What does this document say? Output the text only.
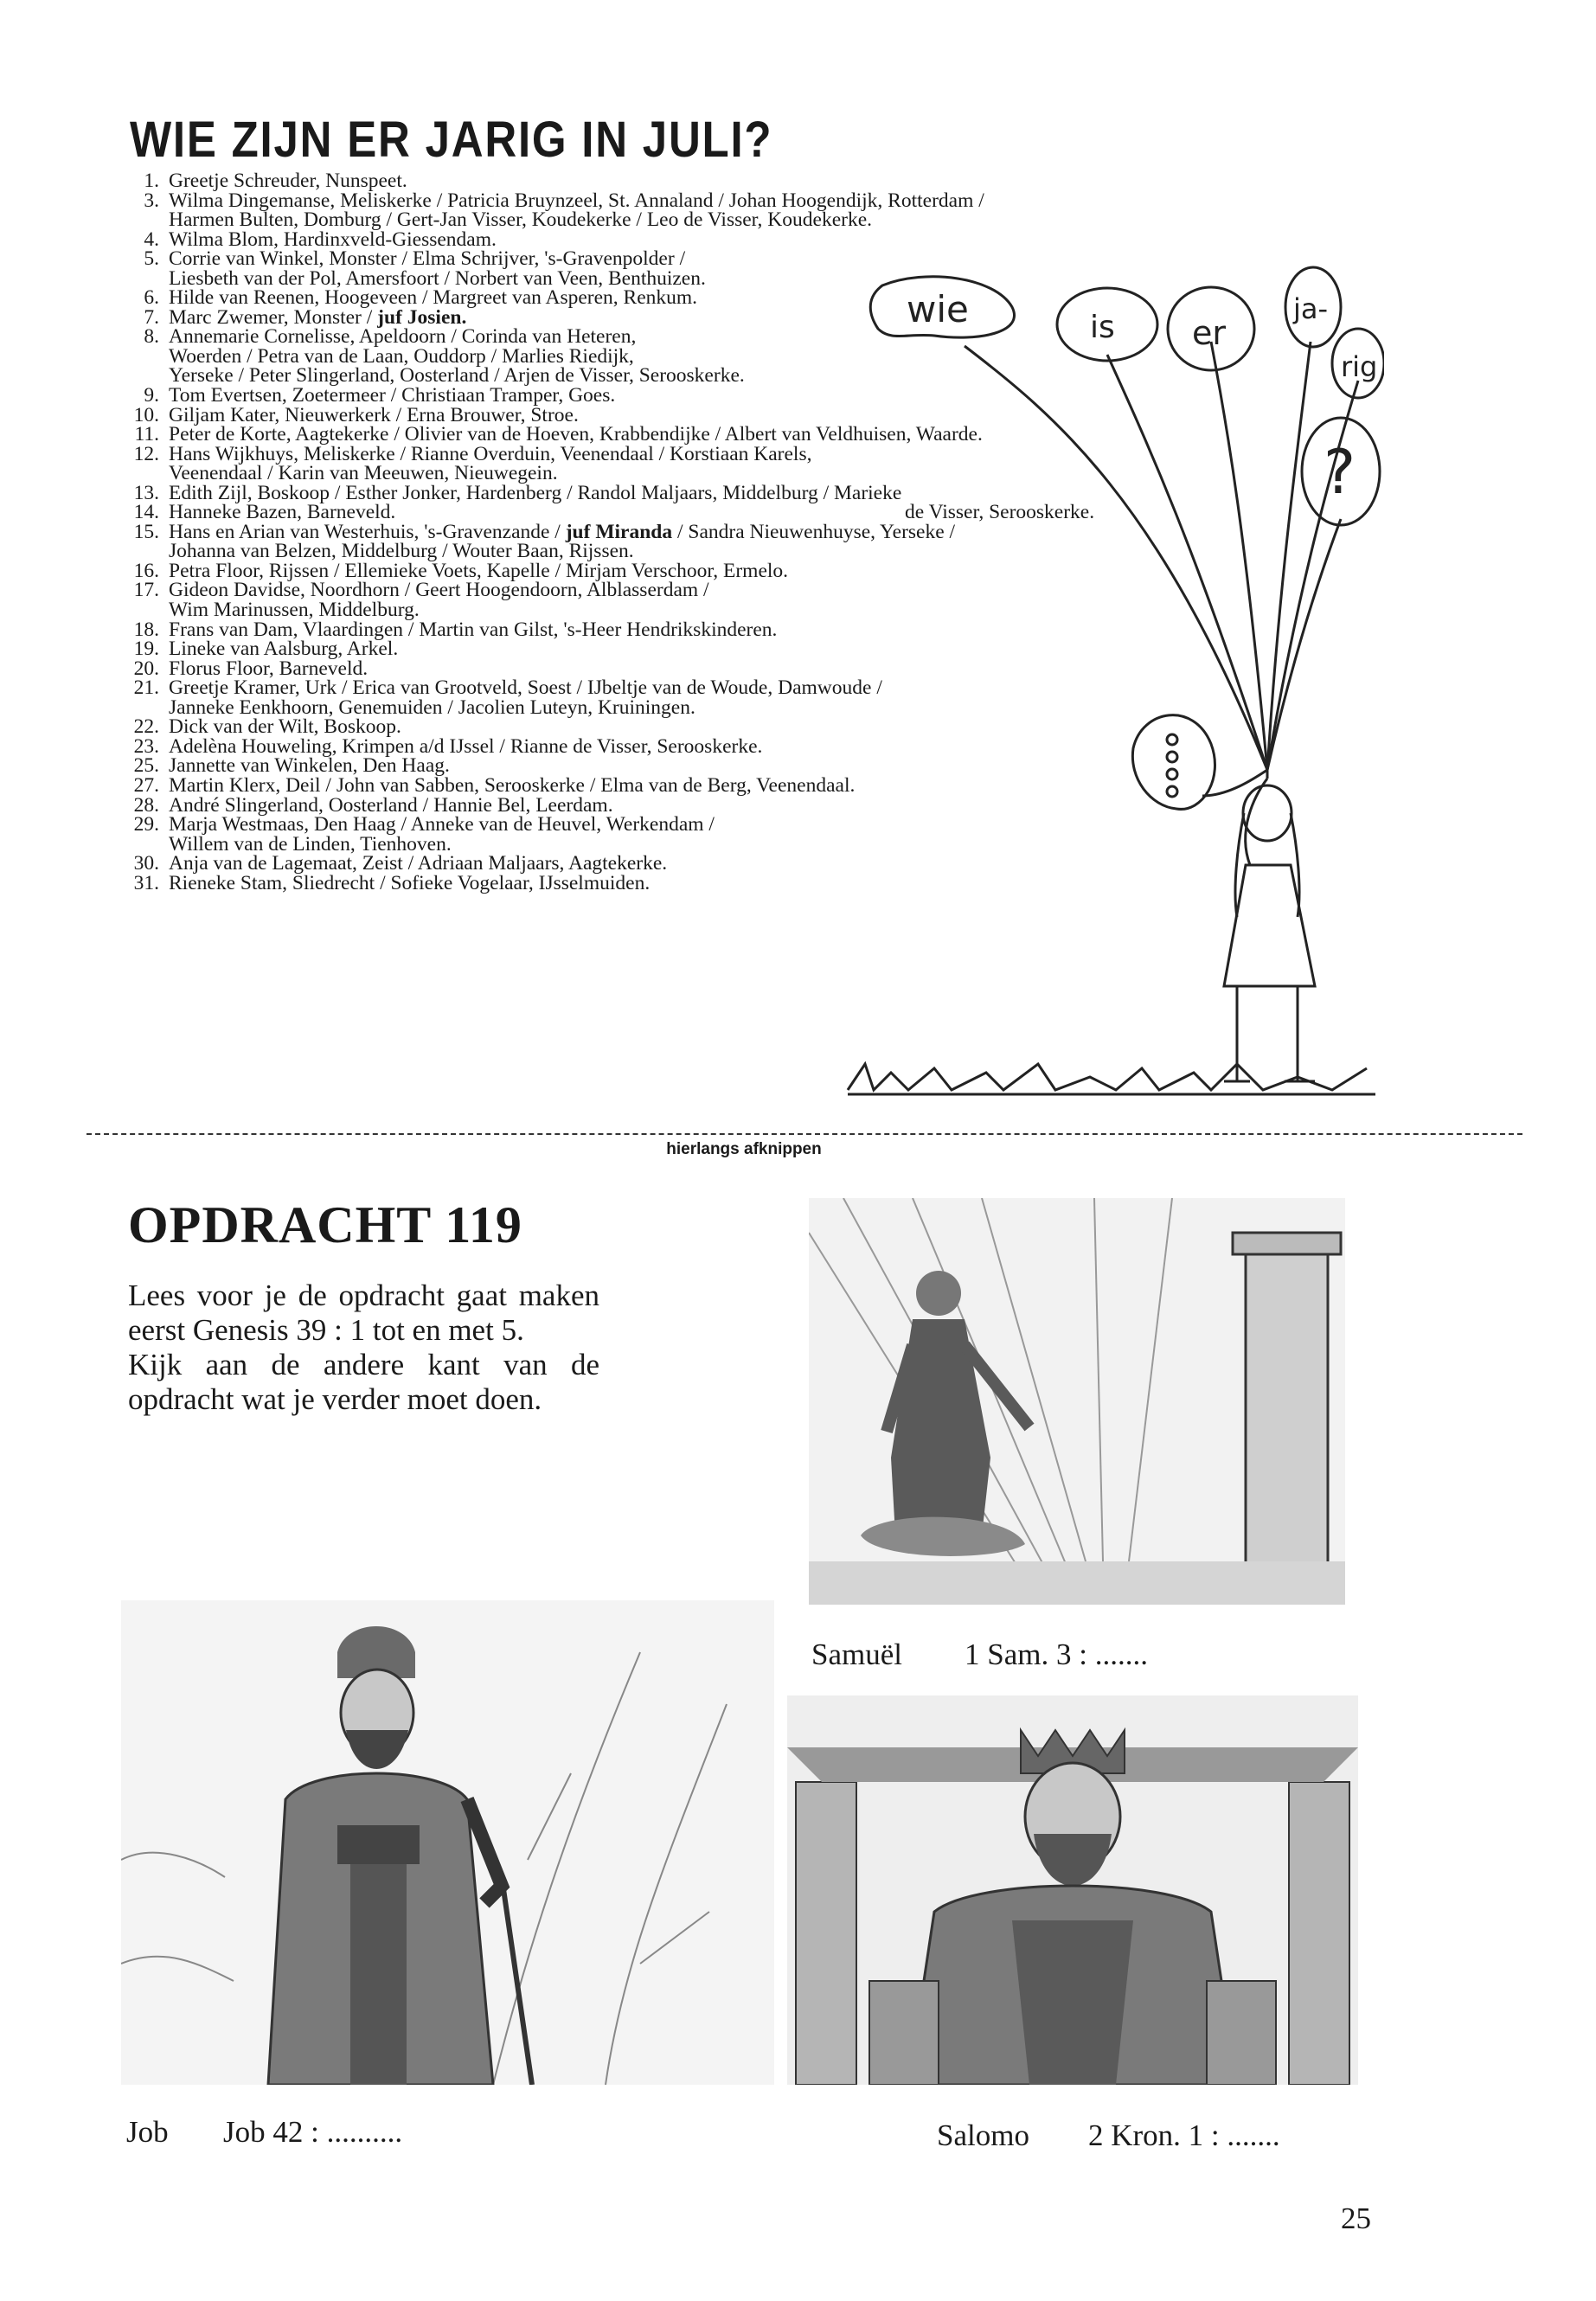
WIE ZIJN ER JARIG IN JULI?
1. Greetje Schreuder, Nunspeet.
3. Wilma Dingemanse, Meliskerke / Patricia Bruynzeel, St. Annaland / Johan Hoogendijk, Rotterdam /
Harmen Bulten, Domburg / Gert-Jan Visser, Koudekerke / Leo de Visser, Koudekerke.
4. Wilma Blom, Hardinxveld-Giessendam.
5. Corrie van Winkel, Monster / Elma Schrijver, 's-Gravenpolder /
Liesbeth van der Pol, Amersfoort / Norbert van Veen, Benthuizen.
6. Hilde van Reenen, Hoogeveen / Margreet van Asperen, Renkum.
7. Marc Zwemer, Monster / juf Josien.
8. Annemarie Cornelisse, Apeldoorn / Corinda van Heteren,
Woerden / Petra van de Laan, Ouddorp / Marlies Riedijk,
Yerseke / Peter Slingerland, Oosterland / Arjen de Visser, Serooskerke.
9. Tom Evertsen, Zoetermeer / Christiaan Tramper, Goes.
10. Giljam Kater, Nieuwerkerk / Erna Brouwer, Stroe.
11. Peter de Korte, Aagtekerke / Olivier van de Hoeven, Krabbendijke / Albert van Veldhuisen, Waarde.
12. Hans Wijkhuys, Meliskerke / Rianne Overduin, Veenendaal / Korstiaan Karels,
Veenendaal / Karin van Meeuwen, Nieuwegein.
13. Edith Zijl, Boskoop / Esther Jonker, Hardenberg / Randol Maljaars, Middelburg / Marieke
14. Hanneke Bazen, Barneveld.	de Visser, Serooskerke.
15. Hans en Arian van Westerhuis, 's-Gravenzande / juf Miranda / Sandra Nieuwenhuyse, Yerseke /
Johanna van Belzen, Middelburg / Wouter Baan, Rijssen.
16. Petra Floor, Rijssen / Ellemieke Voets, Kapelle / Mirjam Verschoor, Ermelo.
17. Gideon Davidse, Noordhorn / Geert Hoogendoorn, Alblasserdam /
Wim Marinussen, Middelburg.
18. Frans van Dam, Vlaardingen / Martin van Gilst, 's-Heer Hendrikskinderen.
19. Lineke van Aalsburg, Arkel.
20. Florus Floor, Barneveld.
21. Greetje Kramer, Urk / Erica van Grootveld, Soest / IJbeltje van de Woude, Damwoude /
Janneke Eenkhoorn, Genemuiden / Jacolien Luteyn, Kruiningen.
22. Dick van der Wilt, Boskoop.
23. Adelèna Houweling, Krimpen a/d IJssel / Rianne de Visser, Serooskerke.
25. Jannette van Winkelen, Den Haag.
27. Martin Klerx, Deil / John van Sabben, Serooskerke / Elma van de Berg, Veenendaal.
28. André Slingerland, Oosterland / Hannie Bel, Leerdam.
29. Marja Westmaas, Den Haag / Anneke van de Heuvel, Werkendam /
Willem van de Linden, Tienhoven.
30. Anja van de Lagemaat, Zeist / Adriaan Maljaars, Aagtekerke.
31. Rieneke Stam, Sliedrecht / Sofieke Vogelaar, IJsselmuiden.
wie	is er
ja-
rig
?
hierlangs afknippen
OPDRACHT 119

Lees voor je de opdracht gaat maken eerst Genesis 39 : 1 tot en met 5.

Kijk aan de andere kant van de opdracht wat je verder moet doen.

Samuël 1 Sam. 3 : .......
Job Job 42 : ..........	Salomo 2 Kron. 1 : .......
25
